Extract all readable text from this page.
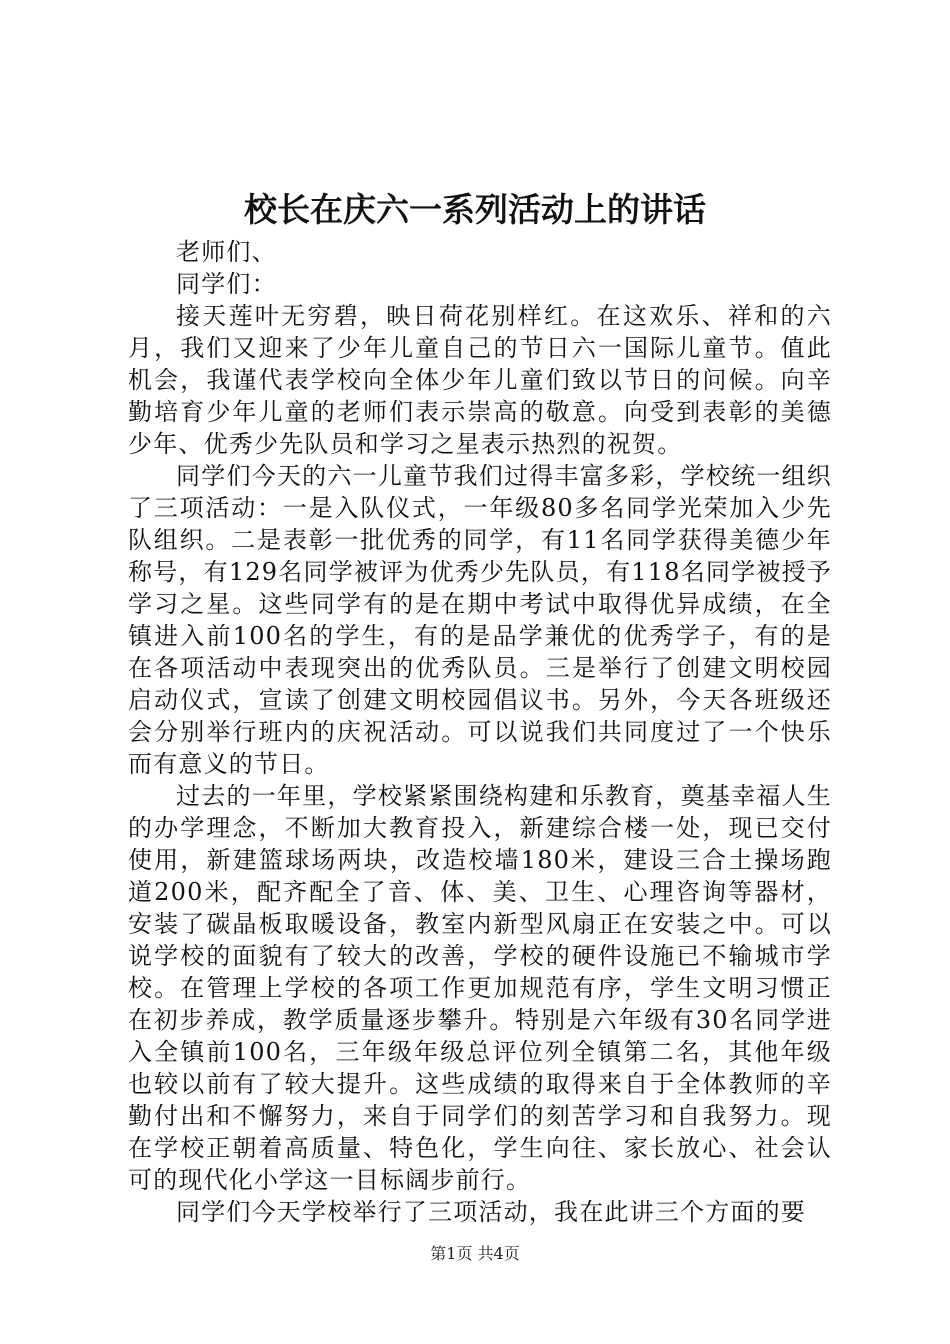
校长在庆六一系列活动上的讲话

老师们、

同学们：

接天莲叶无穷碧，映日荷花别样红。在这欢乐、祥和的六月，我们又迎来了少年儿童自己的节日六一国际儿童节。值此机会，我谨代表学校向全体少年儿童们致以节日的问候。向辛勤培育少年儿童的老师们表示崇高的敬意。向受到表彰的美德少年、优秀少先队员和学习之星表示热烈的祝贺。

同学们今天的六一儿童节我们过得丰富多彩，学校统一组织了三项活动：一是入队仪式，一年级80多名同学光荣加入少先队组织。二是表彰一批优秀的同学，有11名同学获得美德少年称号，有129名同学被评为优秀少先队员，有118名同学被授予学习之星。这些同学有的是在期中考试中取得优异成绩，在全镇进入前100名的学生，有的是品学兼优的优秀学子，有的是在各项活动中表现突出的优秀队员。三是举行了创建文明校园启动仪式，宣读了创建文明校园倡议书。另外，今天各班级还会分别举行班内的庆祝活动。可以说我们共同度过了一个快乐而有意义的节日。

过去的一年里，学校紧紧围绕构建和乐教育，奠基幸福人生的办学理念，不断加大教育投入，新建综合楼一处，现已交付使用，新建篮球场两块，改造校墙180米，建设三合土操场跑道200米，配齐配全了音、体、美、卫生、心理咨询等器材，安装了碳晶板取暖设备，教室内新型风扇正在安装之中。可以说学校的面貌有了较大的改善，学校的硬件设施已不输城市学校。在管理上学校的各项工作更加规范有序，学生文明习惯正在初步养成，教学质量逐步攀升。特别是六年级有30名同学进入全镇前100名，三年级年级总评位列全镇第二名，其他年级也较以前有了较大提升。这些成绩的取得来自于全体教师的辛勤付出和不懈努力，来自于同学们的刻苦学习和自我努力。现在学校正朝着高质量、特色化，学生向往、家长放心、社会认可的现代化小学这一目标阔步前行。

同学们今天学校举行了三项活动，我在此讲三个方面的要

第1页 共4页
